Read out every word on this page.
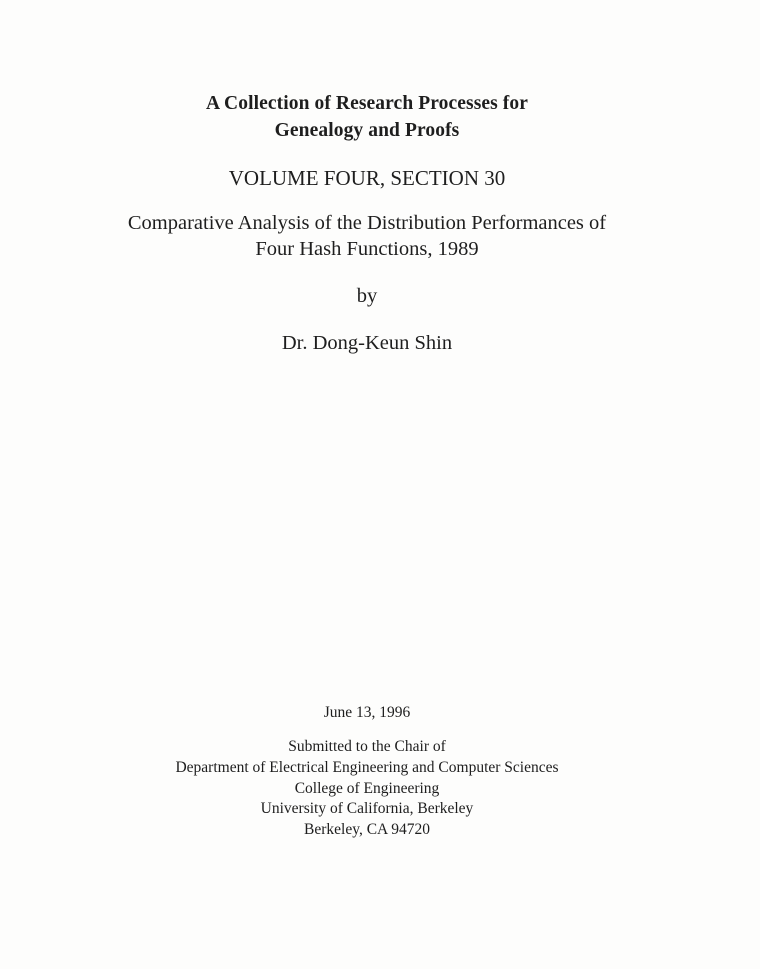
A Collection of Research Processes for
Genealogy and Proofs
VOLUME FOUR, SECTION 30
Comparative Analysis of the Distribution Performances of
Four Hash Functions, 1989
by
Dr. Dong-Keun Shin
June 13, 1996
Submitted to the Chair of
Department of Electrical Engineering and Computer Sciences
College of Engineering
University of California, Berkeley
Berkeley, CA 94720
